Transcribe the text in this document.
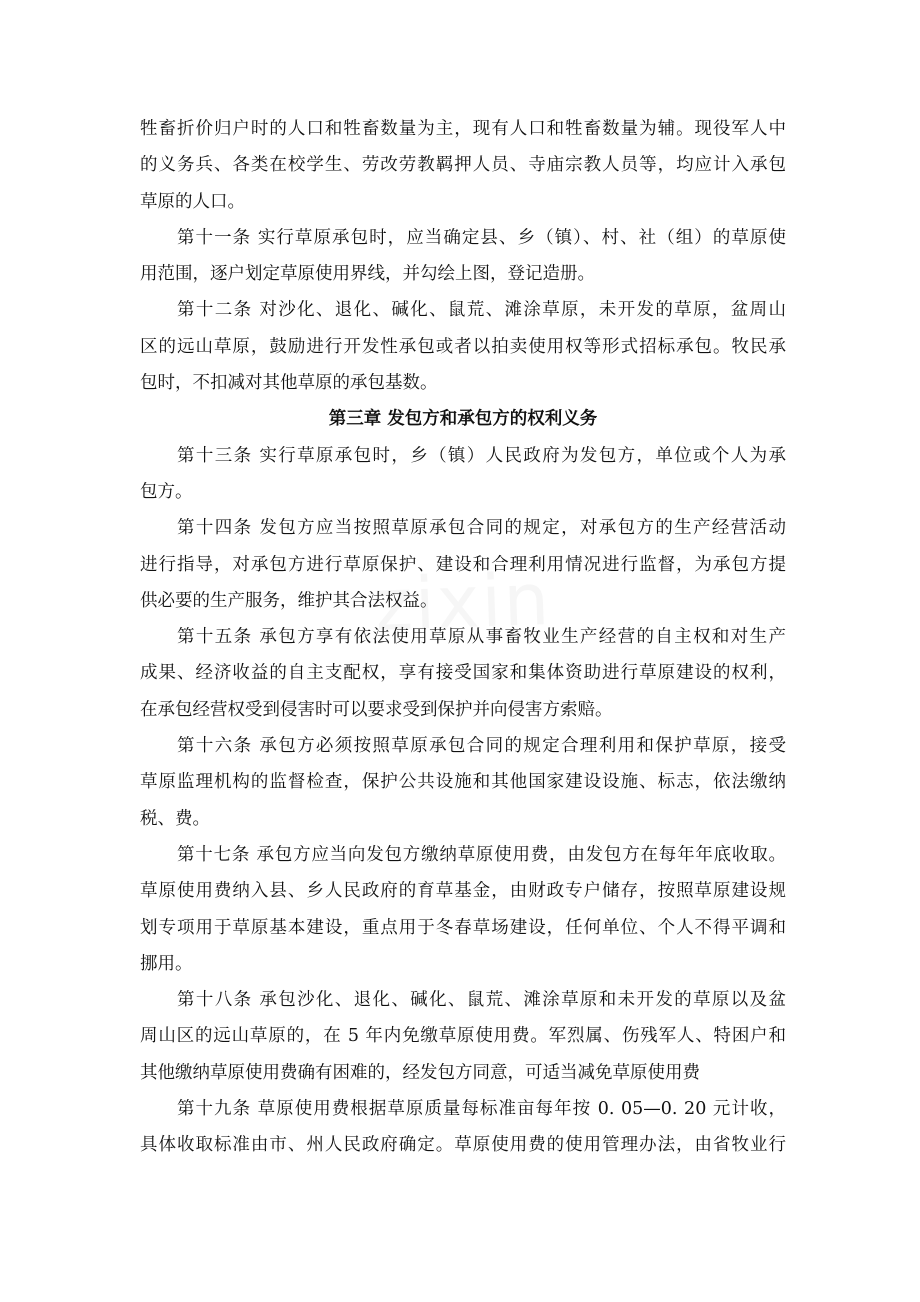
牲畜折价归户时的人口和牲畜数量为主，现有人口和牲畜数量为辅。现役军人中
的义务兵、各类在校学生、劳改劳教羁押人员、寺庙宗教人员等，均应计入承包
草原的人口。
第十一条 实行草原承包时，应当确定县、乡（镇）、村、社（组）的草原使
用范围，逐户划定草原使用界线，并勾绘上图，登记造册。
第十二条 对沙化、退化、碱化、鼠荒、滩涂草原，未开发的草原，盆周山
区的远山草原，鼓励进行开发性承包或者以拍卖使用权等形式招标承包。牧民承
包时，不扣减对其他草原的承包基数。
第三章 发包方和承包方的权利义务
第十三条 实行草原承包时，乡（镇）人民政府为发包方，单位或个人为承
包方。
第十四条 发包方应当按照草原承包合同的规定，对承包方的生产经营活动
进行指导，对承包方进行草原保护、建设和合理利用情况进行监督，为承包方提
供必要的生产服务，维护其合法权益。
第十五条 承包方享有依法使用草原从事畜牧业生产经营的自主权和对生产
成果、经济收益的自主支配权，享有接受国家和集体资助进行草原建设的权利，
在承包经营权受到侵害时可以要求受到保护并向侵害方索赔。
第十六条 承包方必须按照草原承包合同的规定合理利用和保护草原，接受
草原监理机构的监督检查，保护公共设施和其他国家建设设施、标志，依法缴纳
税、费。
第十七条 承包方应当向发包方缴纳草原使用费，由发包方在每年年底收取。
草原使用费纳入县、乡人民政府的育草基金，由财政专户储存，按照草原建设规
划专项用于草原基本建设，重点用于冬春草场建设，任何单位、个人不得平调和
挪用。
第十八条 承包沙化、退化、碱化、鼠荒、滩涂草原和未开发的草原以及盆
周山区的远山草原的，在 5 年内免缴草原使用费。军烈属、伤残军人、特困户和
其他缴纳草原使用费确有困难的，经发包方同意，可适当减免草原使用费
第十九条 草原使用费根据草原质量每标准亩每年按 0. 05—0. 20 元计收，
具体收取标准由市、州人民政府确定。草原使用费的使用管理办法，由省牧业行
